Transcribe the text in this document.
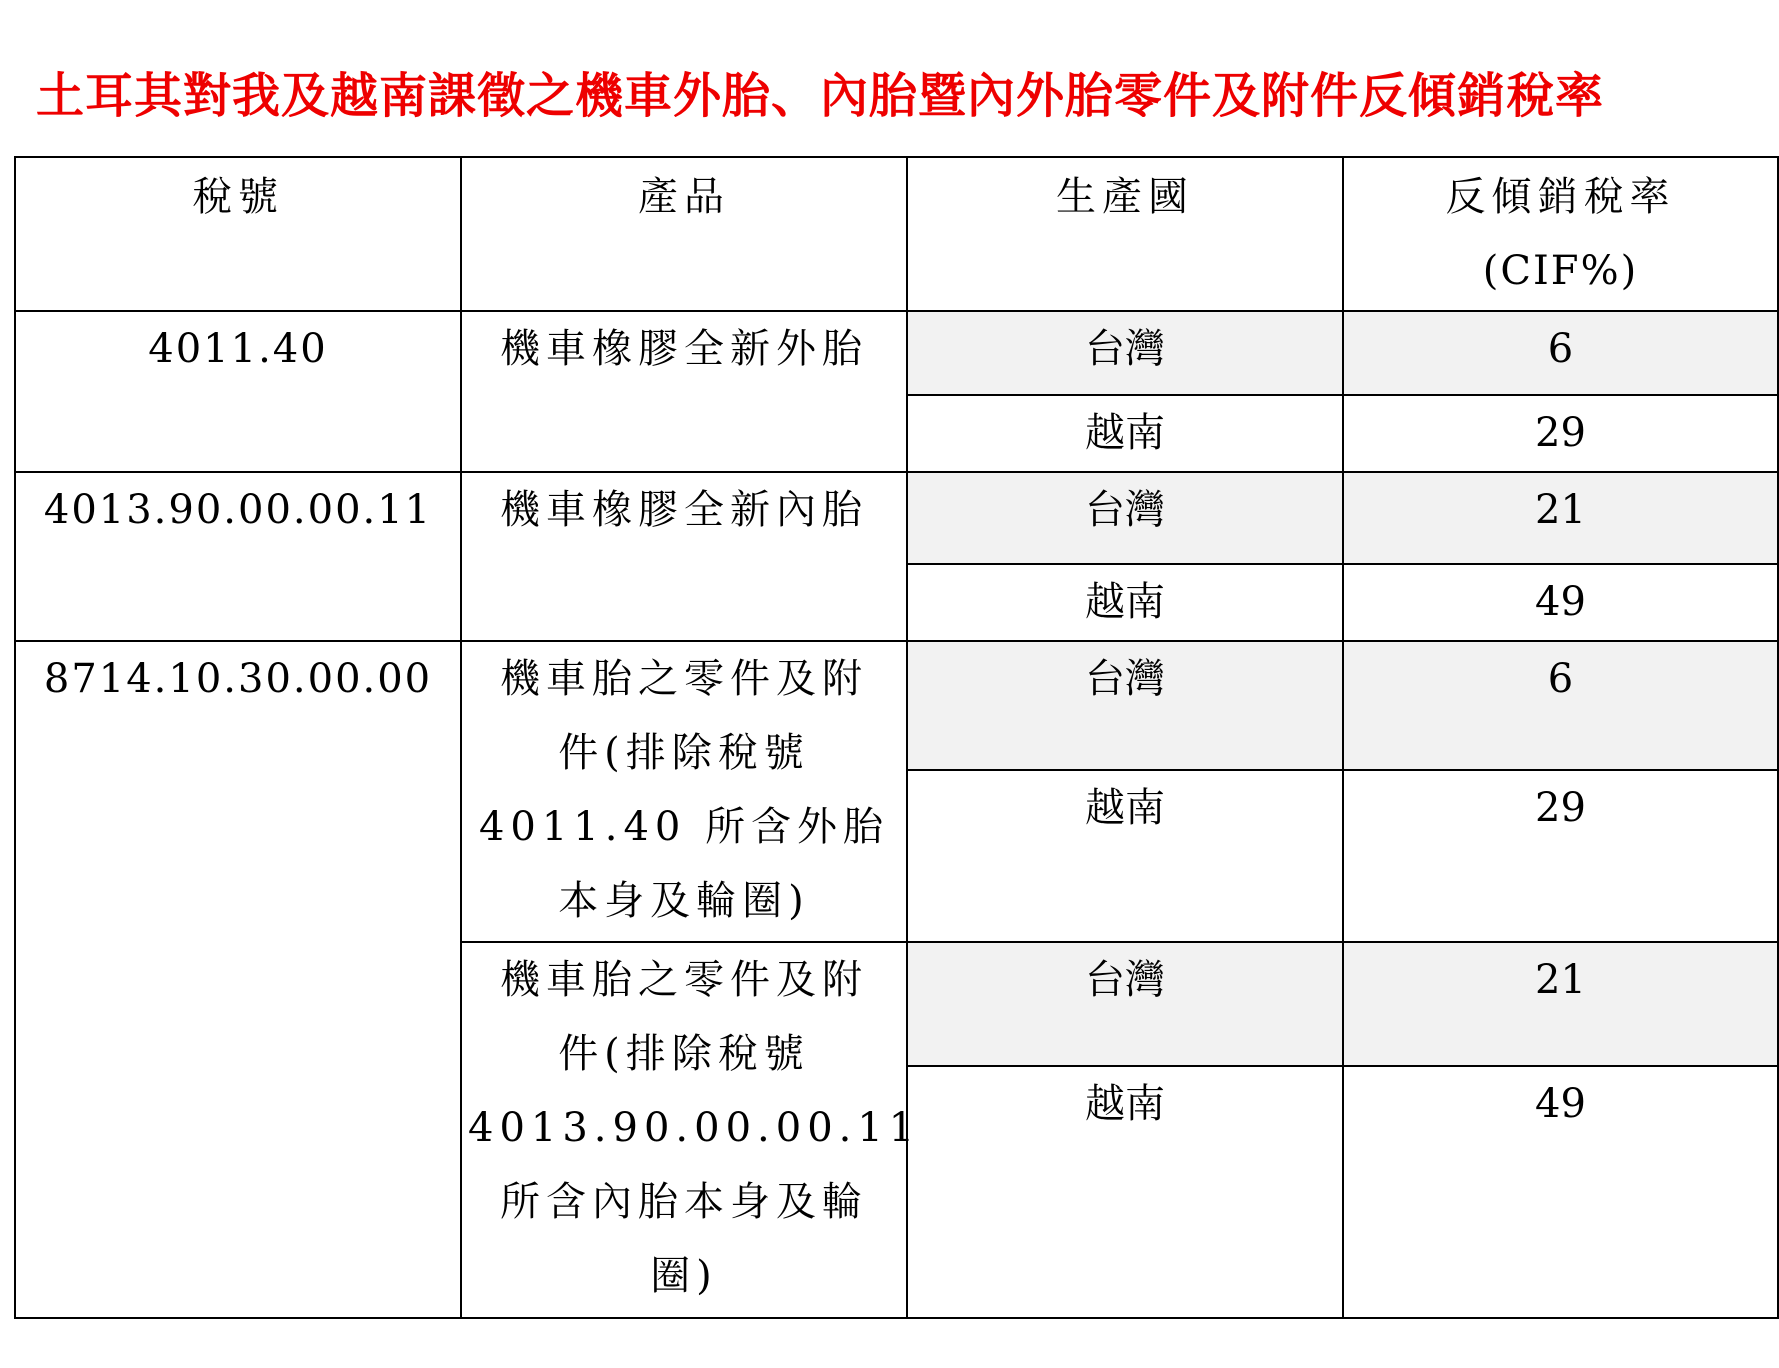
土耳其對我及越南課徵之機車外胎、內胎暨內外胎零件及附件反傾銷稅率
稅號	產品	生產國	反傾銷稅率
(CIF%)

4011.40	機車橡膠全新外胎	台灣	6
		越南	29
4013.90.00.00.11	機車橡膠全新內胎	台灣	21
		越南	49
8714.10.30.00.00	機車胎之零件及附
件(排除稅號
4011.40 所含外胎
本身及輪圈)	台灣	6
		越南	29

	機車胎之零件及附
件(排除稅號
4013.90.00.00.11
所含內胎本身及輪
圈)	台灣	21
		越南	49
